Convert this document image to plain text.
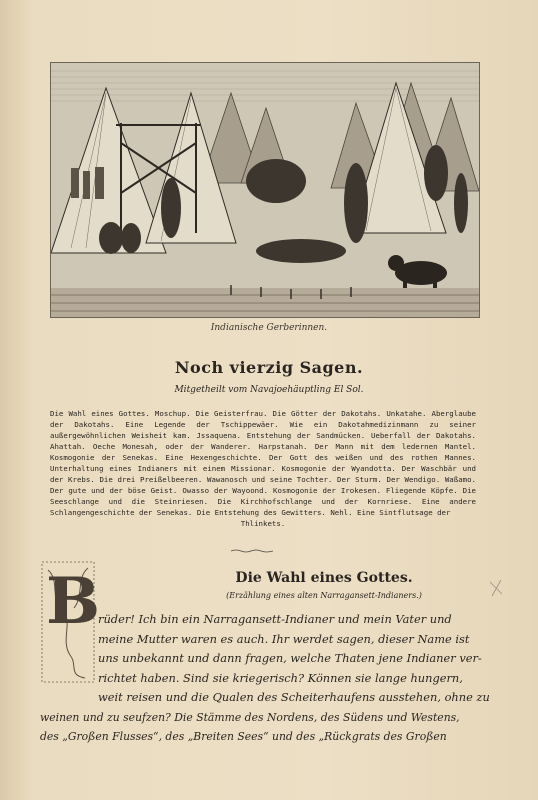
Indianische Gerberinnen.
Noch vierzig Sagen.
Mitgetheilt vom Navajoehäuptling El Sol.
Die Wahl eines Gottes. Moschup. Die Geisterfrau. Die Götter der Dakotahs. Unkatahe. Aberglaube der Dakotahs. Eine Legende der Tschippewäer. Wie ein Dakotahmedizinmann zu seiner außergewöhnlichen Weisheit kam. Jssaquena. Entstehung der Sandmücken. Ueberfall der Dakotahs. Ahattah. Oeche Monesah, oder der Wanderer. Harpstanah. Der Mann mit dem ledernen Mantel. Kosmogonie der Senekas. Eine Hexengeschichte. Der Gott des weißen und des rothen Mannes. Unterhaltung eines Indianers mit einem Missionar. Kosmogonie der Wyandotta. Der Waschbär und der Krebs. Die drei Preißelbeeren. Wawanosch und seine Tochter. Der Sturm. Der Wendigo. Waßamo. Der gute und der böse Geist. Owasso der Wayoond. Kosmogonie der Irokesen. Fliegende Köpfe. Die Seeschlange und die Steinriesen. Die Kirchhofschlange und der Kornriese. Eine andere Schlangengeschichte der Senekas. Die Entstehung des Gewitters. Nehl. Eine Sintflutsage der
Thlinkets.
B	Die Wahl eines Gottes.
(Erzählung eines alten Narragansett-Indianers.)
rüder! Ich bin ein Narragansett-Indianer und mein Vater und
meine Mutter waren es auch. Ihr werdet sagen, dieser Name ist
uns unbekannt und dann fragen, welche Thaten jene Indianer ver-
richtet haben. Sind sie kriegerisch? Können sie lange hungern,
weit reisen und die Qualen des Scheiterhaufens ausstehen, ohne zu
weinen und zu seufzen? Die Stämme des Nordens, des Südens und Westens,
des „Großen Flusses“, des „Breiten Sees“ und des „Rückgrats des Großen
